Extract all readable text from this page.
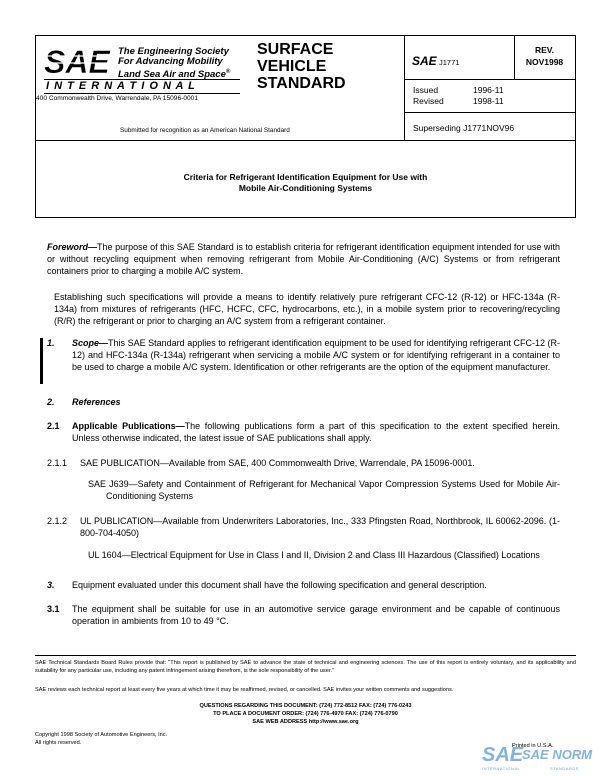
SAE The Engineering Society
For Advancing Mobility
Land Sea Air and Space®
I N T E R N A T I O N A L
400 Commonwealth Drive, Warrendale, PA 15096-0001
SURFACE
VEHICLE
STANDARD
Submitted for recognition as an American National Standard
SAE J1771
REV.
NOV1998
Issued	1996-11
Revised	1998-11
Superseding J1771NOV96
Criteria for Refrigerant Identification Equipment for Use with
Mobile Air-Conditioning Systems
Foreword—The purpose of this SAE Standard is to establish criteria for refrigerant identification equipment intended for use with or without recycling equipment when removing refrigerant from Mobile Air-Conditioning (A/C) Systems or from refrigerant containers prior to charging a mobile A/C system.
Establishing such specifications will provide a means to identify relatively pure refrigerant CFC-12 (R-12) or HFC-134a (R-134a) from mixtures of refrigerants (HFC, HCFC, CFC, hydrocarbons, etc.), in a mobile system prior to recovering/recycling (R/R) the refrigerant or prior to charging an A/C system from a refrigerant container.
1. Scope—This SAE Standard applies to refrigerant identification equipment to be used for identifying refrigerant CFC-12 (R-12) and HFC-134a (R-134a) refrigerant when servicing a mobile A/C system or for identifying refrigerant in a container to be used to charge a mobile A/C system. Identification or other refrigerants are the option of the equipment manufacturer.
2. References
2.1 Applicable Publications—The following publications form a part of this specification to the extent specified herein. Unless otherwise indicated, the latest issue of SAE publications shall apply.
2.1.1 SAE PUBLICATION—Available from SAE, 400 Commonwealth Drive, Warrendale, PA 15096-0001.
SAE J639—Safety and Containment of Refrigerant for Mechanical Vapor Compression Systems Used for Mobile Air-Conditioning Systems
2.1.2 UL PUBLICATION—Available from Underwriters Laboratories, Inc., 333 Pfingsten Road, Northbrook, IL 60062-2096. (1-800-704-4050)
UL 1604—Electrical Equipment for Use in Class I and II, Division 2 and Class III Hazardous (Classified) Locations
3. Equipment evaluated under this document shall have the following specification and general description.
3.1 The equipment shall be suitable for use in an automotive service garage environment and be capable of continuous operation in ambients from 10 to 49 °C.
SAE Technical Standards Board Rules provide that: "This report is published by SAE to advance the state of technical and engineering sciences. The use of this report is entirely voluntary, and its applicability and suitability for any particular use, including any patent infringement arising therefrom, is the sole responsibility of the user."
SAE reviews each technical report at least every five years at which time it may be reaffirmed, revised, or cancelled. SAE invites your written comments and suggestions.
QUESTIONS REGARDING THIS DOCUMENT: (724) 772-8512 FAX: (724) 776-0243
TO PLACE A DOCUMENT ORDER: (724) 776-4970 FAX: (724) 776-0790
SAE WEB ADDRESS http://www.sae.org
Copyright 1998 Society of Automotive Engineers, Inc.
All rights reserved.	Printed in U.S.A.
SAE
SAE NORM
INTERNATIONAL	STANDARDS
